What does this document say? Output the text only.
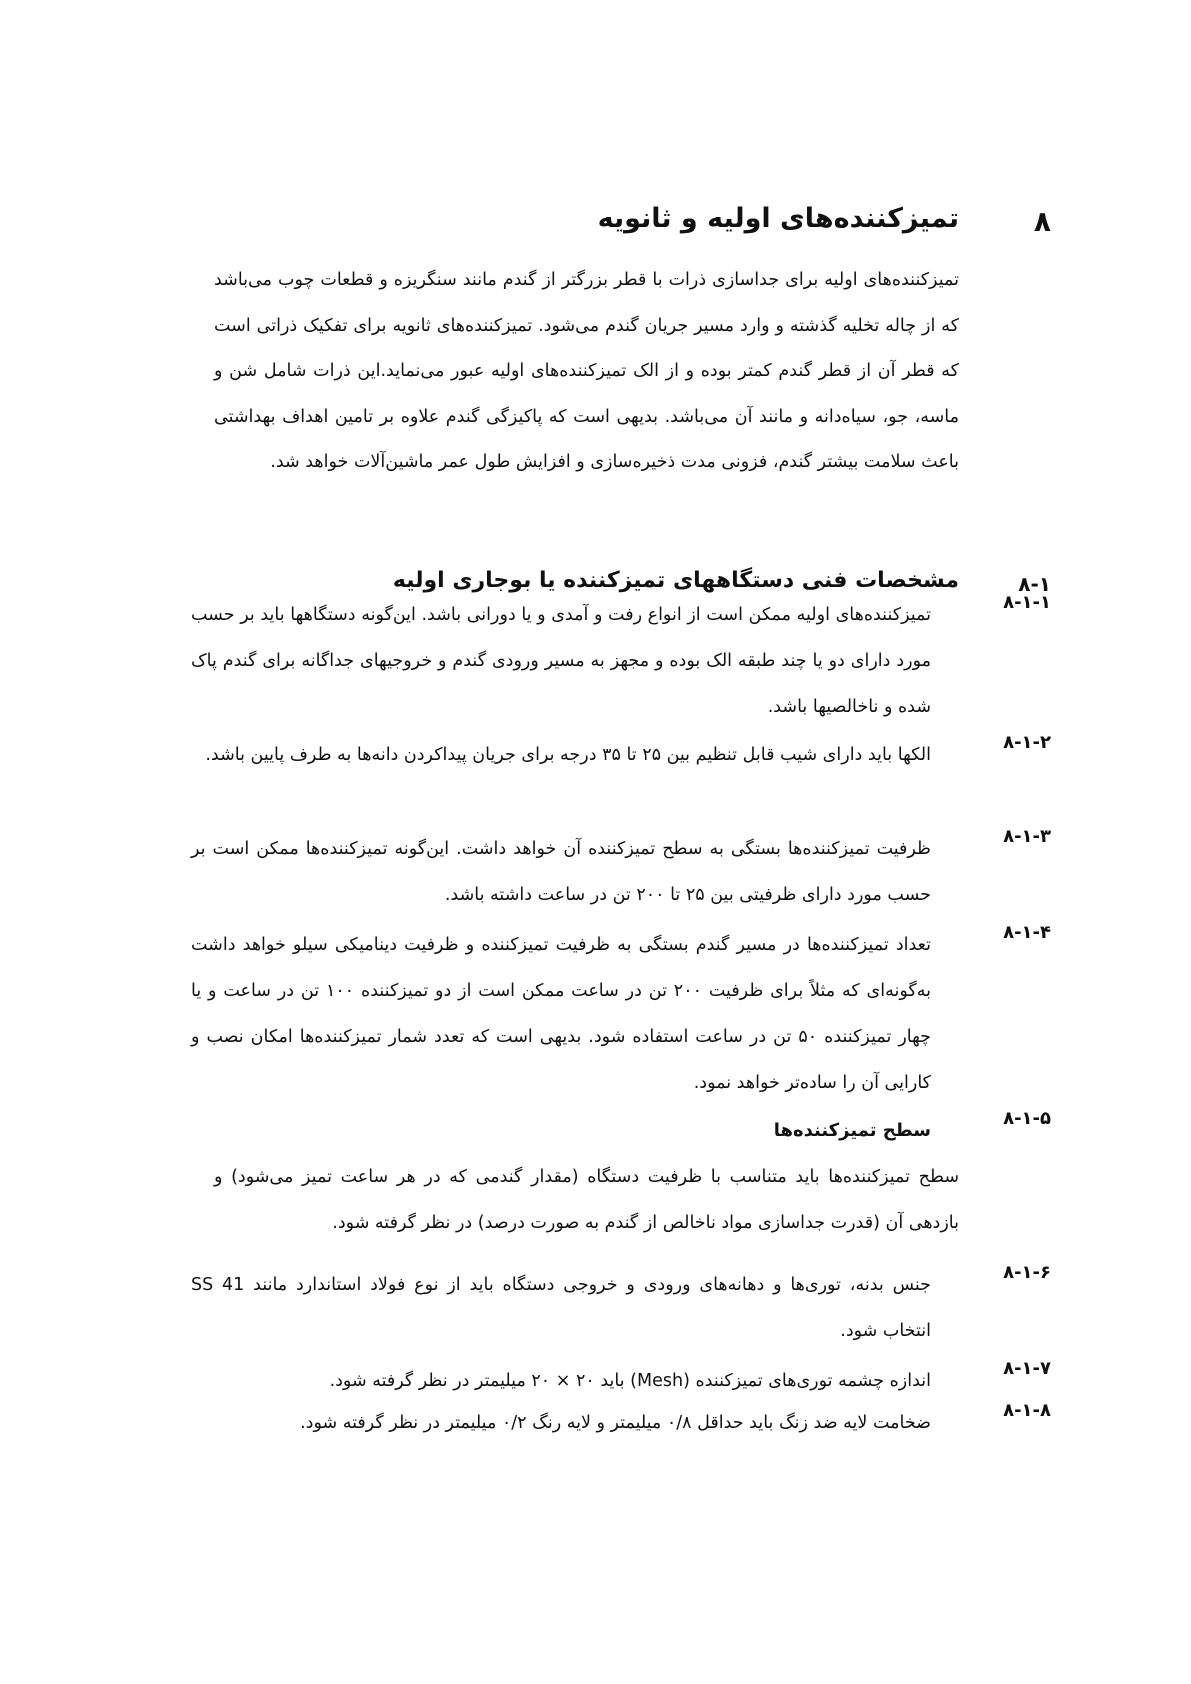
۸
تمیزکننده‌های اولیه و ثانویه
تمیزکننده‌های اولیه برای جداسازی ذرات با قطر بزرگتر از گندم مانند سنگریزه و قطعات چوب می‌باشد که از چاله تخلیه گذشته و وارد مسیر جریان گندم می‌شود. تمیزکننده‌های ثانویه برای تفکیک ذراتی است که قطر آن از قطر گندم کمتر بوده و از الک تمیزکننده‌های اولیه عبور می‌نماید.این ذرات شامل شن و ماسه، جو، سیاه‌دانه و مانند آن می‌باشد. بدیهی است که پاکیزگی گندم علاوه بر تامین اهداف بهداشتی باعث سلامت بیشتر گندم، فزونی مدت ذخیره‌سازی و افزایش طول عمر ماشین‌آلات خواهد شد.
۸-۱
مشخصات فنی دستگاههای تمیزکننده یا بوجاری اولیه
۸-۱-۱
تمیزکننده‌های اولیه ممکن است از انواع رفت و آمدی و یا دورانی باشد. این‌گونه دستگاهها باید بر حسب مورد دارای دو یا چند طبقه الک بوده و مجهز به مسیر ورودی گندم و خروجیهای جداگانه برای گندم پاک شده و ناخالصیها باشد.
۸-۱-۲
الکها باید دارای شیب قابل تنظیم بین ۲۵ تا ۳۵ درجه برای جریان پیداکردن دانه‌ها به طرف پایین باشد.
۸-۱-۳
ظرفیت تمیزکننده‌ها بستگی به سطح تمیزکننده آن خواهد داشت. این‌گونه تمیزکننده‌ها ممکن است بر حسب مورد دارای ظرفیتی بین ۲۵ تا ۲۰۰ تن در ساعت داشته باشد.
۸-۱-۴
تعداد تمیزکننده‌ها در مسیر گندم بستگی به ظرفیت تمیزکننده و ظرفیت دینامیکی سیلو خواهد داشت به‌گونه‌ای که مثلاً برای ظرفیت ۲۰۰ تن در ساعت ممکن است از دو تمیزکننده ۱۰۰ تن در ساعت و یا چهار تمیزکننده ۵۰ تن در ساعت استفاده شود. بدیهی است که تعدد شمار تمیزکننده‌ها امکان نصب و کارایی آن را ساده‌تر خواهد نمود.
۸-۱-۵
سطح تمیزکننده‌ها
سطح تمیزکننده‌ها باید متناسب با ظرفیت دستگاه (مقدار گندمی که در هر ساعت تمیز می‌شود) و بازدهی آن (قدرت جداسازی مواد ناخالص از گندم به صورت درصد) در نظر گرفته شود.
۸-۱-۶
جنس بدنه، توری‌ها و دهانه‌های ورودی و خروجی دستگاه باید از نوع فولاد استاندارد مانند SS 41 انتخاب شود.
۸-۱-۷
اندازه چشمه توری‌های تمیزکننده (Mesh) باید ۲۰ × ۲۰ میلیمتر در نظر گرفته شود.
۸-۱-۸
ضخامت لایه ضد زنگ باید حداقل ۰/۸ میلیمتر و لایه رنگ ۰/۲ میلیمتر در نظر گرفته شود.
